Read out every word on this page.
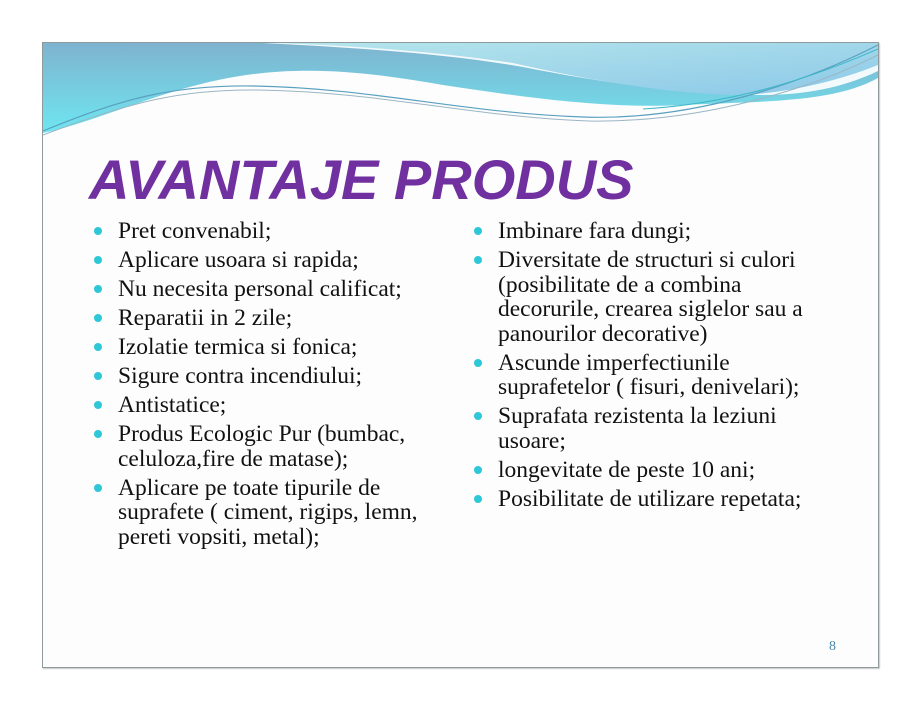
AVANTAJE PRODUS
Pret convenabil;
Aplicare usoara si rapida;
Nu necesita personal calificat;
Reparatii in 2 zile;
Izolatie termica si fonica;
Sigure contra incendiului;
Antistatice;
Produs Ecologic Pur (bumbac, celuloza,fire de matase);
Aplicare pe toate tipurile de suprafete ( ciment, rigips, lemn, pereti vopsiti, metal);
Imbinare fara dungi;
Diversitate de structuri si culori (posibilitate de a combina decorurile, crearea siglelor sau a panourilor decorative)
Ascunde imperfectiunile suprafetelor ( fisuri, denivelari);
Suprafata rezistenta la leziuni usoare;
longevitate de peste 10 ani;
Posibilitate de utilizare repetata;
8
